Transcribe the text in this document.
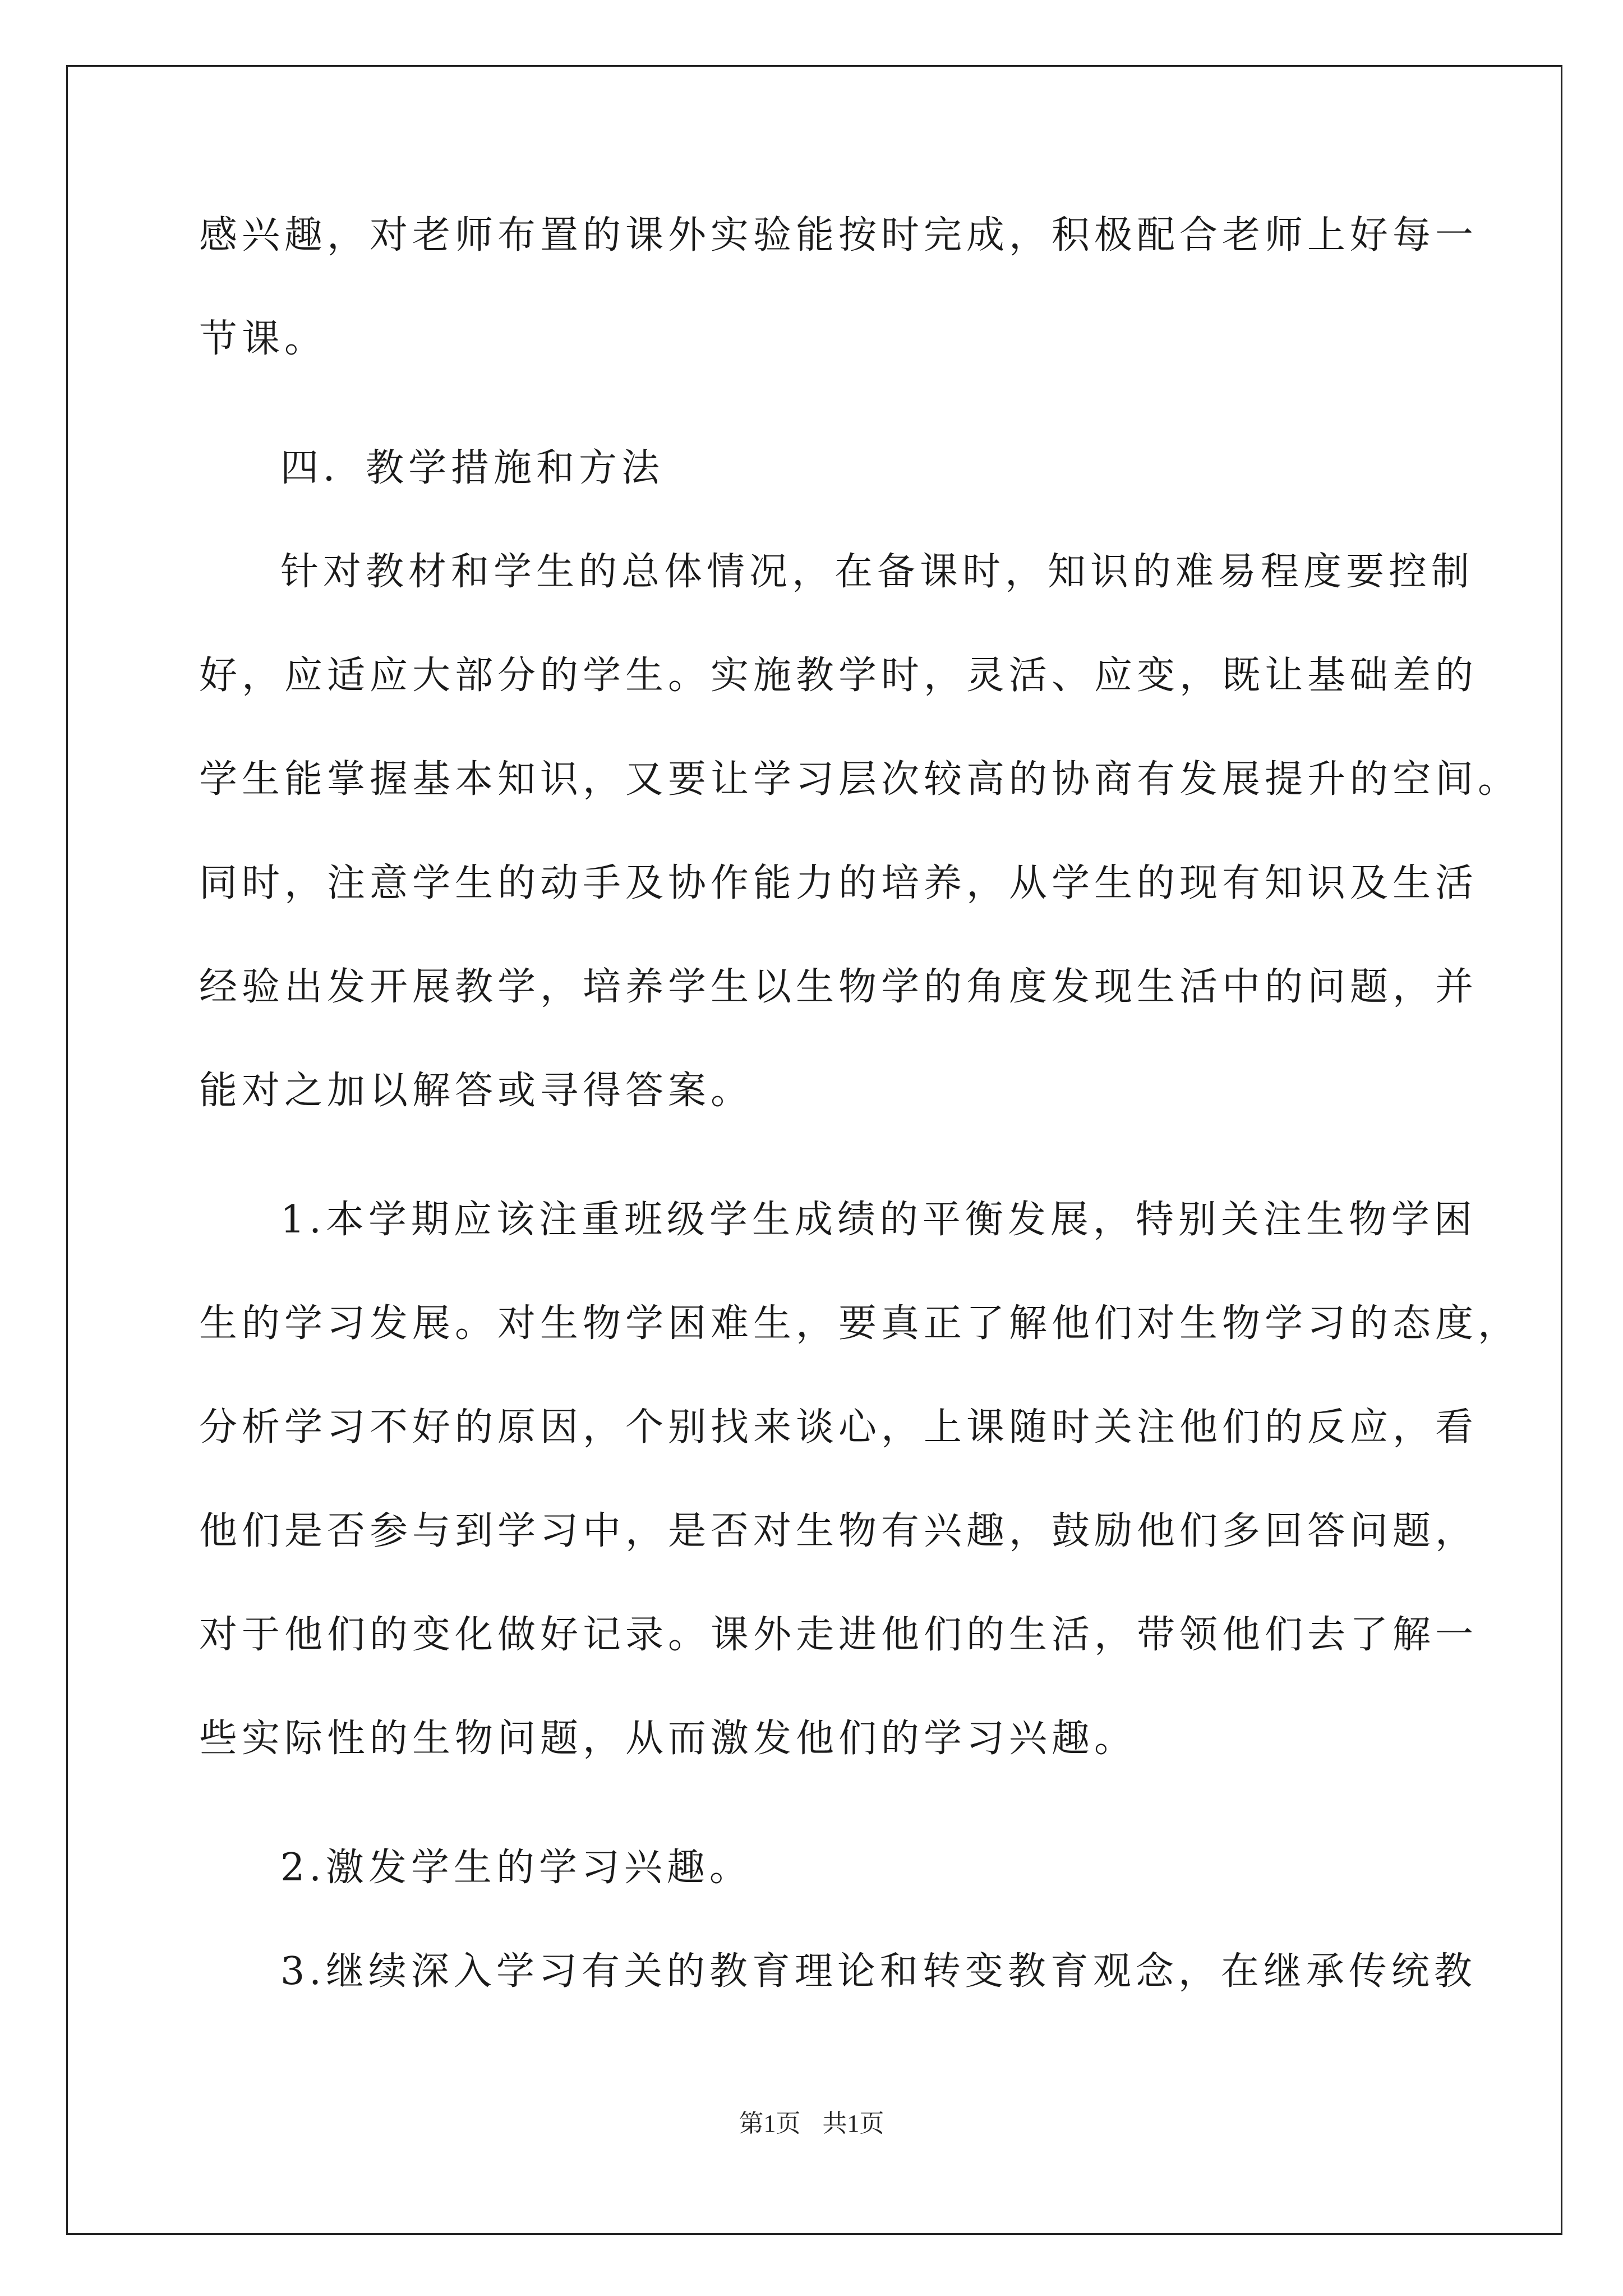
感兴趣，对老师布置的课外实验能按时完成，积极配合老师上好每一
节课。
四．教学措施和方法
针对教材和学生的总体情况，在备课时，知识的难易程度要控制
好，应适应大部分的学生。实施教学时，灵活、应变，既让基础差的
学生能掌握基本知识，又要让学习层次较高的协商有发展提升的空间。
同时，注意学生的动手及协作能力的培养，从学生的现有知识及生活
经验出发开展教学，培养学生以生物学的角度发现生活中的问题，并
能对之加以解答或寻得答案。
1.本学期应该注重班级学生成绩的平衡发展，特别关注生物学困
生的学习发展。对生物学困难生，要真正了解他们对生物学习的态度，
分析学习不好的原因，个别找来谈心，上课随时关注他们的反应，看
他们是否参与到学习中，是否对生物有兴趣，鼓励他们多回答问题，
对于他们的变化做好记录。课外走进他们的生活，带领他们去了解一
些实际性的生物问题，从而激发他们的学习兴趣。
2.激发学生的学习兴趣。
3.继续深入学习有关的教育理论和转变教育观念，在继承传统教
第1页 共1页
